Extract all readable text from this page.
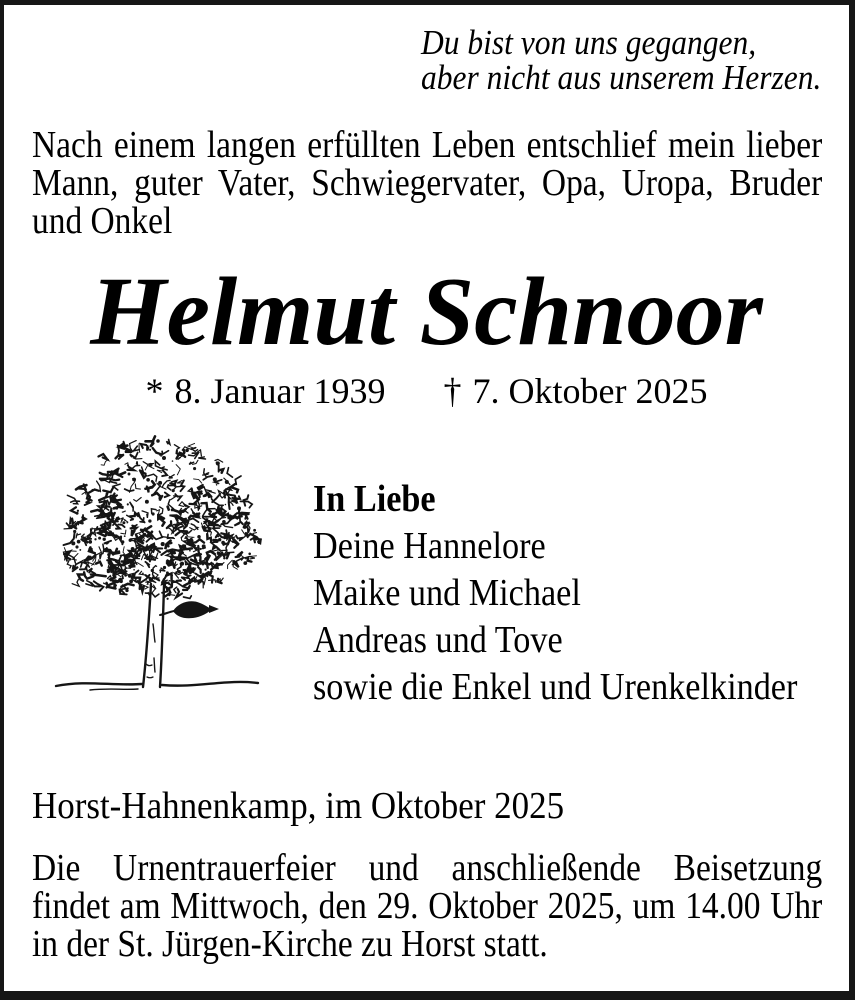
Du bist von uns gegangen,
aber nicht aus unserem Herzen.
Nach einem langen erfüllten Leben entschlief mein lieber
Mann, guter Vater, Schwiegervater, Opa, Uropa, Bruder
und Onkel
Helmut Schnoor
* 8. Januar 1939 † 7. Oktober 2025
In Liebe
Deine Hannelore
Maike und Michael
Andreas und Tove
sowie die Enkel und Urenkelkinder
Horst-Hahnenkamp, im Oktober 2025
Die Urnentrauerfeier und anschließende Beisetzung
findet am Mittwoch, den 29. Oktober 2025, um 14.00 Uhr
in der St. Jürgen-Kirche zu Horst statt.
